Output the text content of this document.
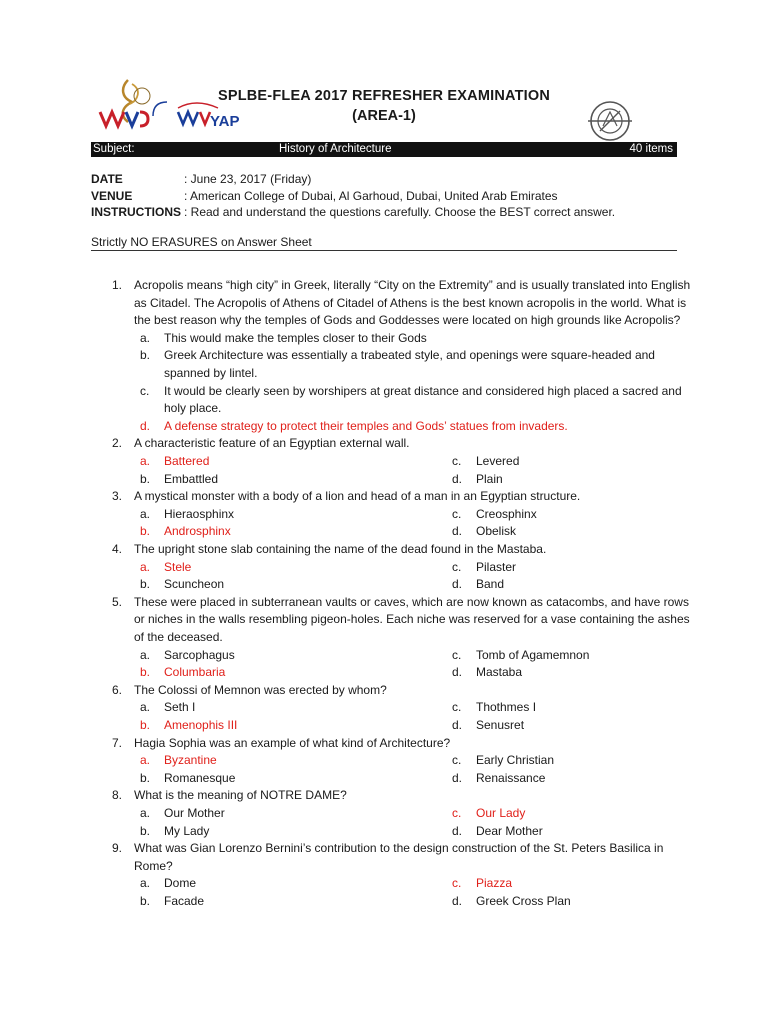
YAP
SPLBE-FLEA 2017 REFRESHER EXAMINATION
(AREA-1)
Subject:	History of Architecture	40 items
DATE	: June 23, 2017 (Friday)
VENUE	: American College of Dubai, Al Garhoud, Dubai, United Arab Emirates
INSTRUCTIONS : Read and understand the questions carefully. Choose the BEST correct answer.
Strictly NO ERASURES on Answer Sheet
1. Acropolis means “high city” in Greek, literally “City on the Extremity” and is usually translated into English
as Citadel. The Acropolis of Athens of Citadel of Athens is the best known acropolis in the world. What is
the best reason why the temples of Gods and Goddesses were located on high grounds like Acropolis?
a. This would make the temples closer to their Gods
b. Greek Architecture was essentially a trabeated style, and openings were square-headed and
spanned by lintel.
c. It would be clearly seen by worshipers at great distance and considered high placed a sacred and
holy place.
d. A defense strategy to protect their temples and Gods’ statues from invaders.
2. A characteristic feature of an Egyptian external wall.
a. Battered
b. Embattled
c. Levered
d. Plain
3. A mystical monster with a body of a lion and head of a man in an Egyptian structure.
a. Hieraosphinx
b. Androsphinx
c. Creosphinx
d. Obelisk
4. The upright stone slab containing the name of the dead found in the Mastaba.
a. Stele
b. Scuncheon
c. Pilaster
d. Band
5. These were placed in subterranean vaults or caves, which are now known as catacombs, and have rows
or niches in the walls resembling pigeon-holes. Each niche was reserved for a vase containing the ashes
of the deceased.
a. Sarcophagus
b. Columbaria
c. Tomb of Agamemnon
d. Mastaba
6. The Colossi of Memnon was erected by whom?
a. Seth I
b. Amenophis III
c. Thothmes I
d. Senusret
7. Hagia Sophia was an example of what kind of Architecture?
a. Byzantine
b. Romanesque
c. Early Christian
d. Renaissance
8. What is the meaning of NOTRE DAME?
a. Our Mother
b. My Lady
c. Our Lady
d. Dear Mother
9. What was Gian Lorenzo Bernini’s contribution to the design construction of the St. Peters Basilica in
Rome?
a. Dome
b. Facade
c. Piazza
d. Greek Cross Plan
